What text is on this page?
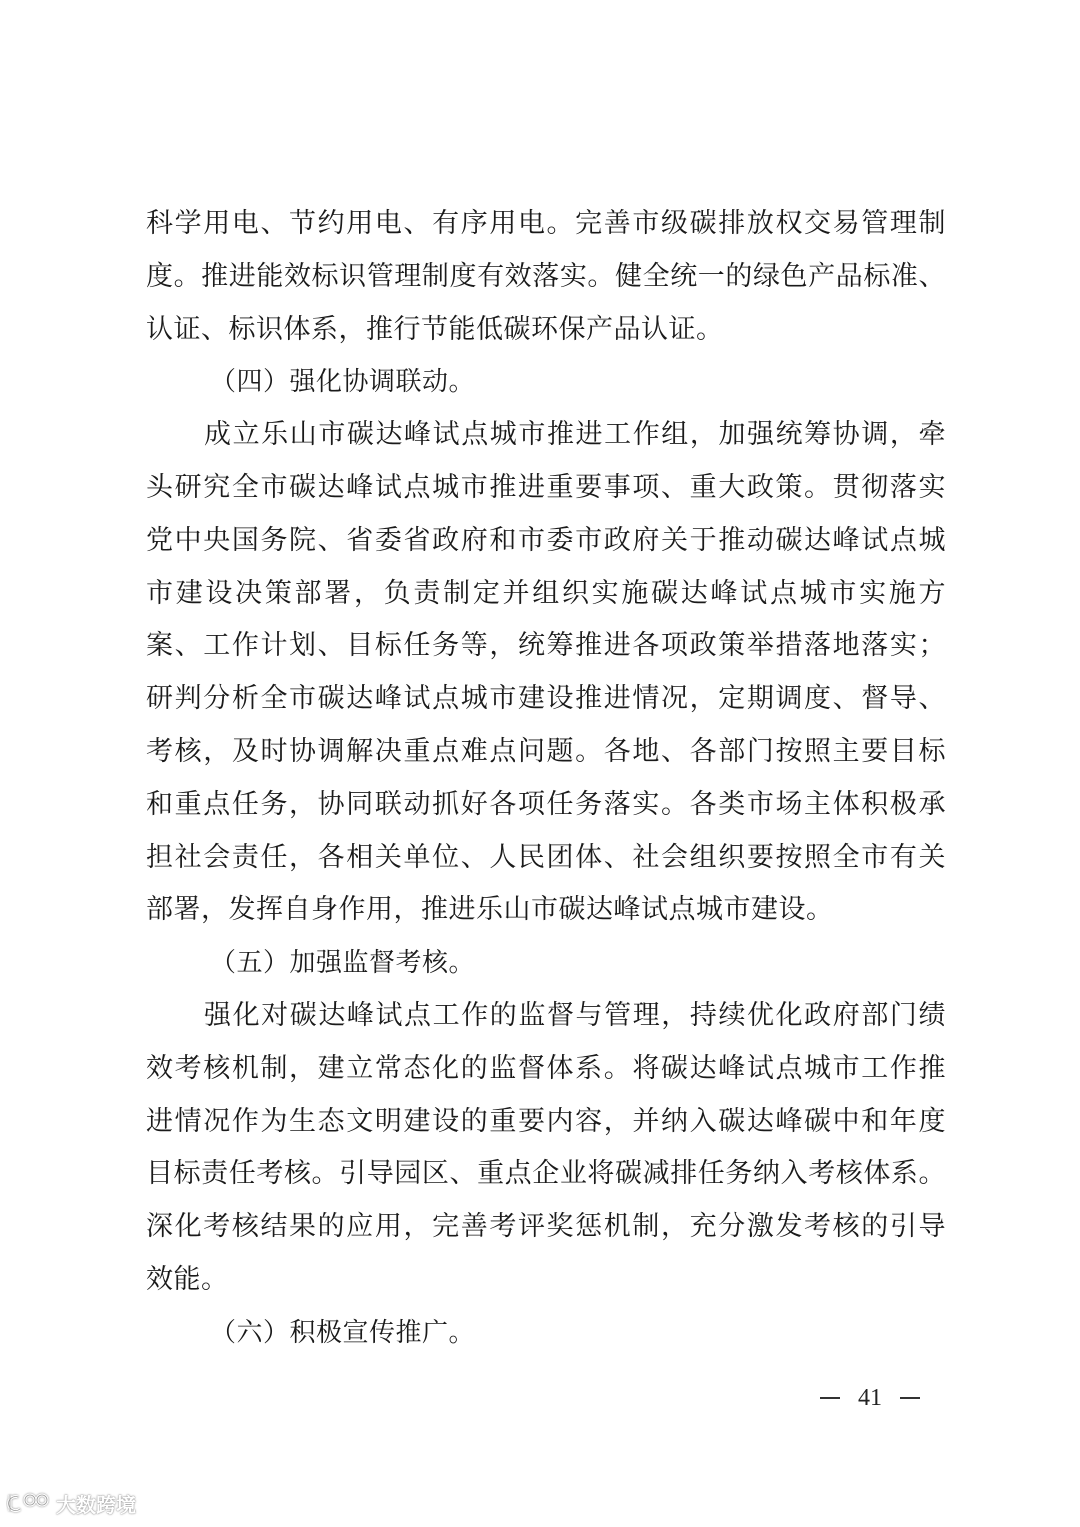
科学用电、节约用电、有序用电。完善市级碳排放权交易管理制
度。推进能效标识管理制度有效落实。健全统一的绿色产品标准、
认证、标识体系，推行节能低碳环保产品认证。
（四）强化协调联动。
成立乐山市碳达峰试点城市推进工作组，加强统筹协调，牵
头研究全市碳达峰试点城市推进重要事项、重大政策。贯彻落实
党中央国务院、省委省政府和市委市政府关于推动碳达峰试点城
市建设决策部署，负责制定并组织实施碳达峰试点城市实施方
案、工作计划、目标任务等，统筹推进各项政策举措落地落实；
研判分析全市碳达峰试点城市建设推进情况，定期调度、督导、
考核，及时协调解决重点难点问题。各地、各部门按照主要目标
和重点任务，协同联动抓好各项任务落实。各类市场主体积极承
担社会责任，各相关单位、人民团体、社会组织要按照全市有关
部署，发挥自身作用，推进乐山市碳达峰试点城市建设。
（五）加强监督考核。
强化对碳达峰试点工作的监督与管理，持续优化政府部门绩
效考核机制，建立常态化的监督体系。将碳达峰试点城市工作推
进情况作为生态文明建设的重要内容，并纳入碳达峰碳中和年度
目标责任考核。引导园区、重点企业将碳减排任务纳入考核体系。
深化考核结果的应用，完善考评奖惩机制，充分激发考核的引导
效能。
（六）积极宣传推广。
41
大数跨境
